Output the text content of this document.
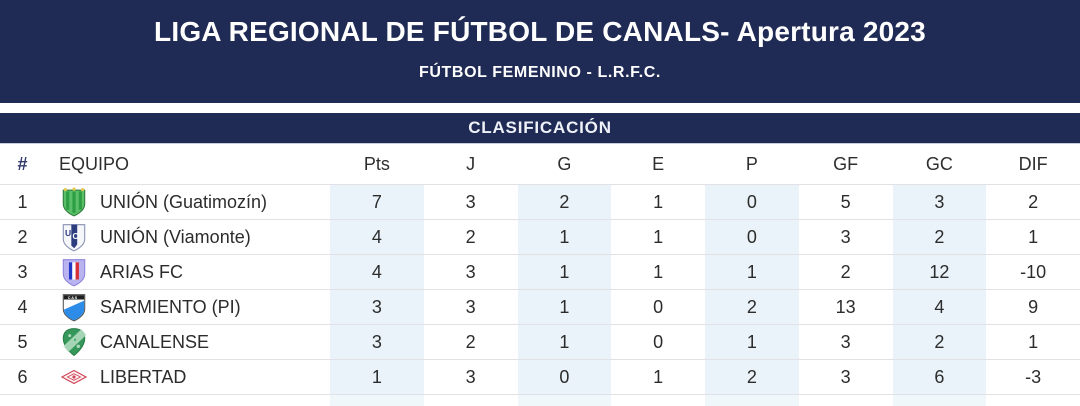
LIGA REGIONAL DE FÚTBOL DE CANALS- Apertura 2023
FÚTBOL FEMENINO - L.R.F.C.
CLASIFICACIÓN
#	EQUIPO	Pts	J	G	E	P	GF	GC	DIF
1	UNIÓN (Guatimozín)	7	3	2	1	0	5	3	2
2	UNIÓN (Viamonte)	4	2	1	1	0	3	2	1
3	ARIAS FC	4	3	1	1	1	2	12	-10
4	SARMIENTO (PI)	3	3	1	0	2	13	4	9
5	CANALENSE	3	2	1	0	1	3	2	1
6	LIBERTAD	1	3	0	1	2	3	6	-3
